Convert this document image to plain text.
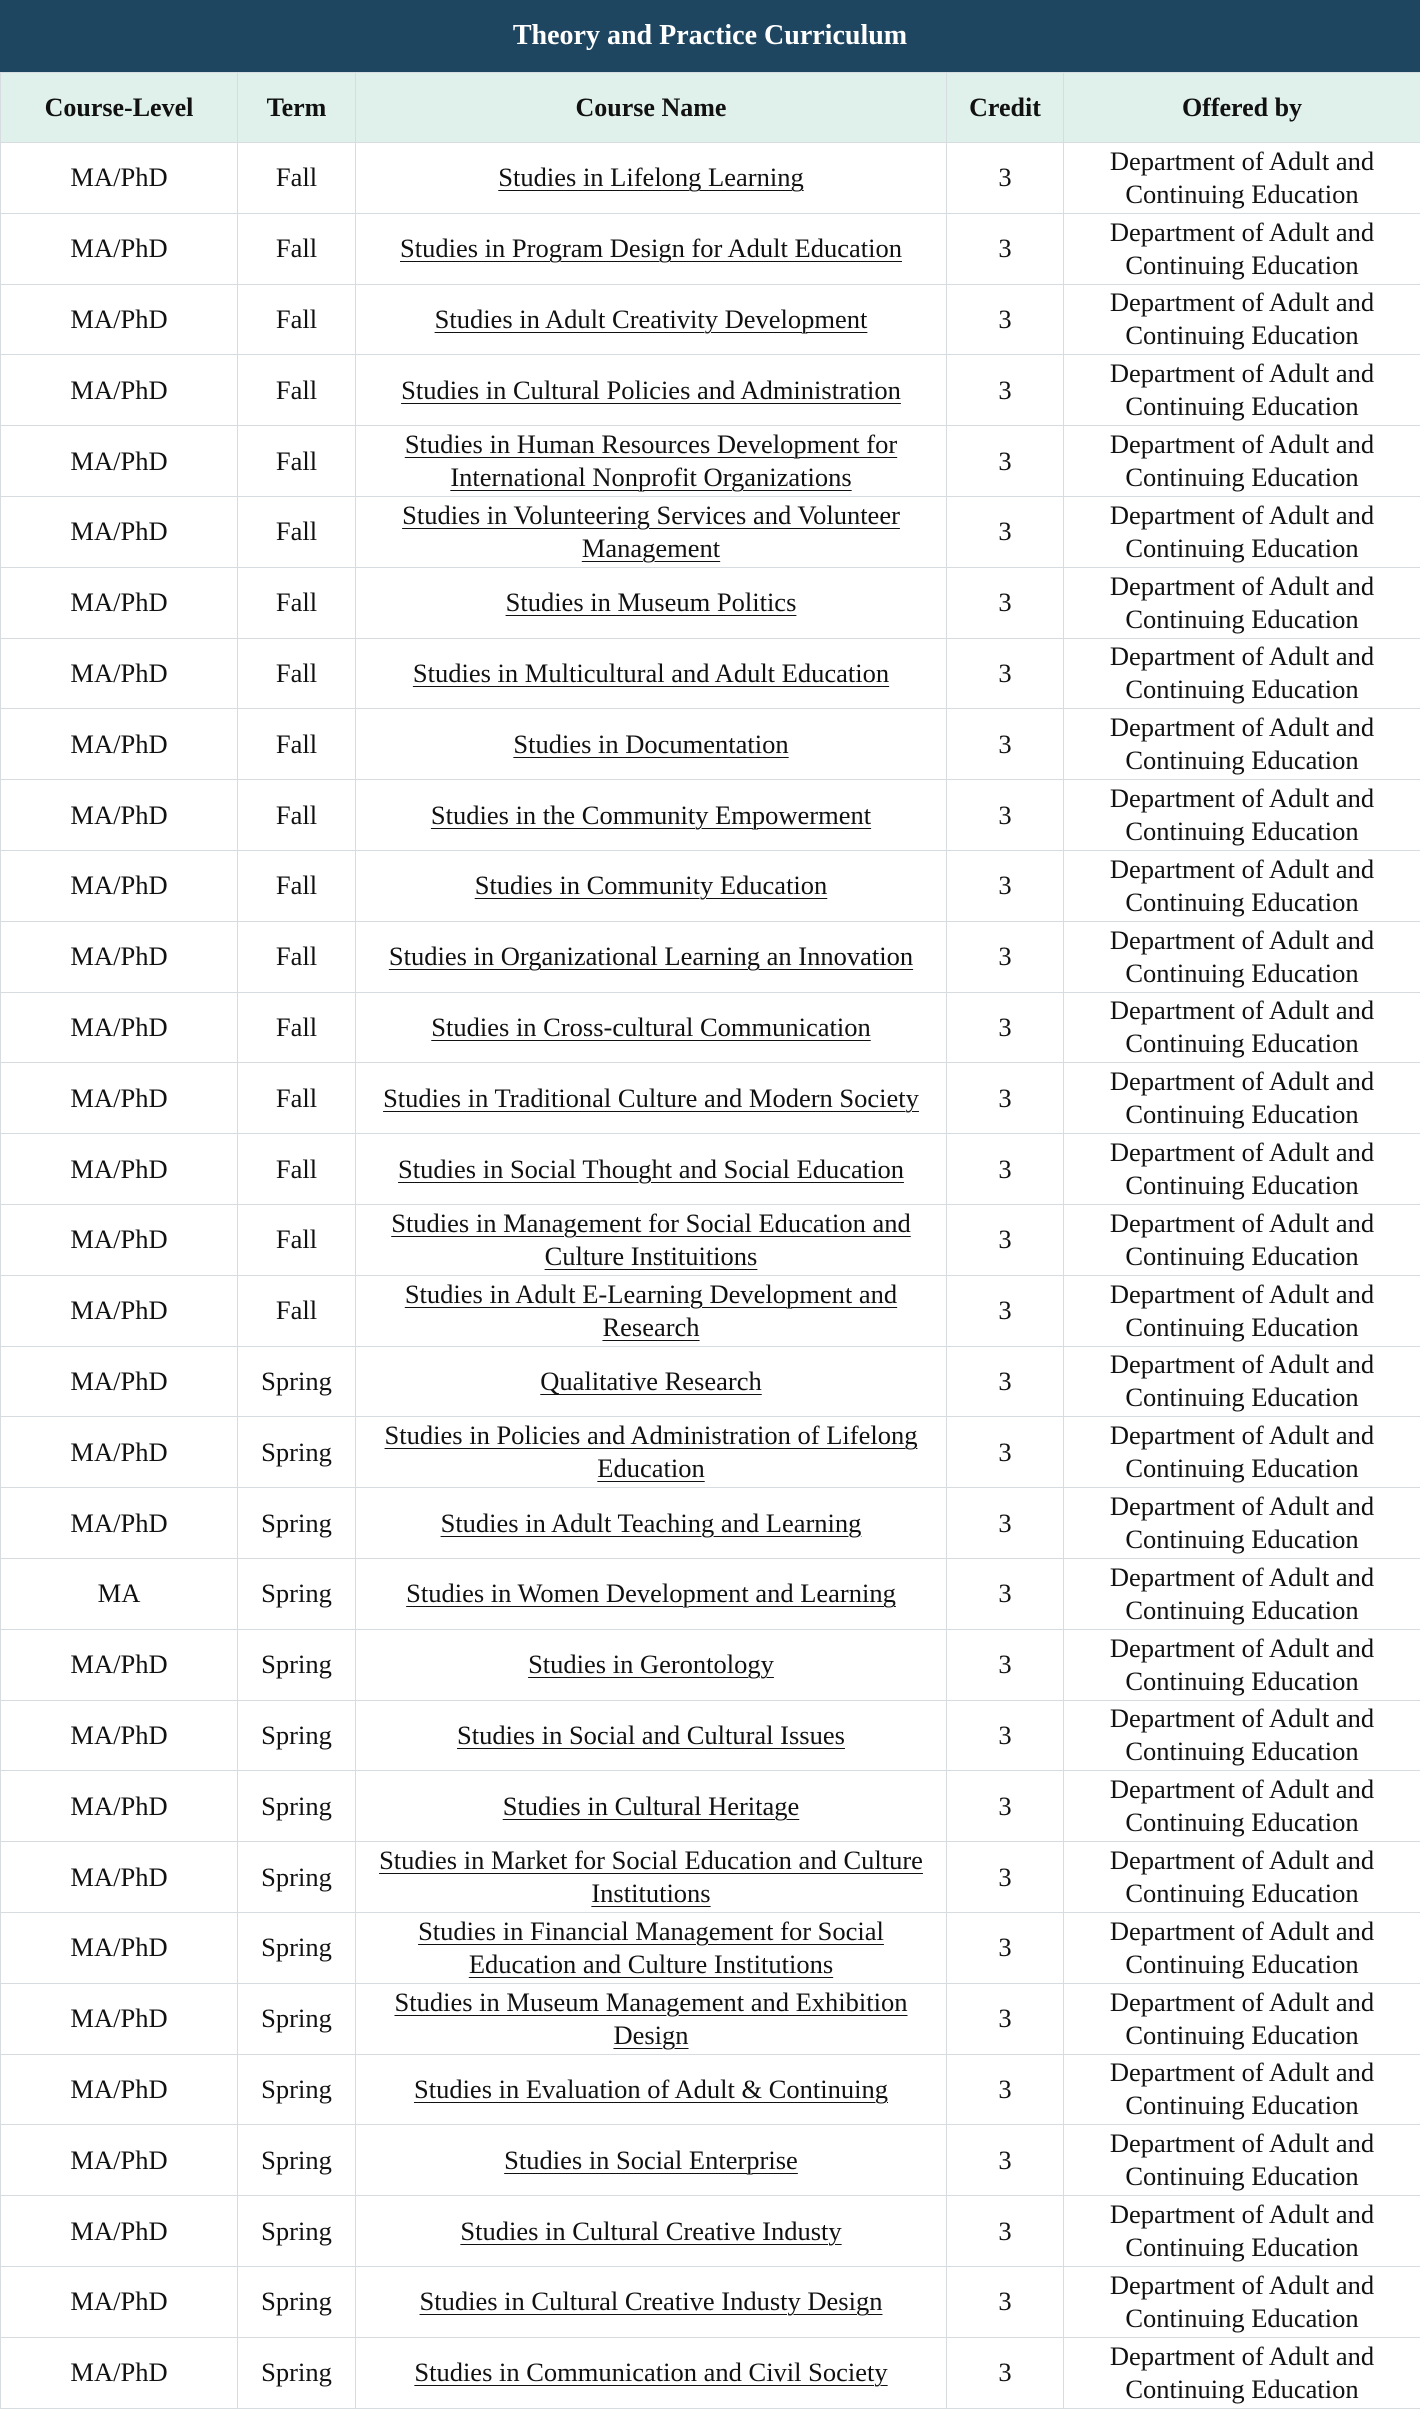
Theory and Practice Curriculum
Course-Level	Term	Course Name	Credit	Offered by
MA/PhD	Fall	Studies in Lifelong Learning	3	Department of Adult and Continuing Education
MA/PhD	Fall	Studies in Program Design for Adult Education	3	Department of Adult and Continuing Education
MA/PhD	Fall	Studies in Adult Creativity Development	3	Department of Adult and Continuing Education
MA/PhD	Fall	Studies in Cultural Policies and Administration	3	Department of Adult and Continuing Education
MA/PhD	Fall	Studies in Human Resources Development for International Nonprofit Organizations	3	Department of Adult and Continuing Education
MA/PhD	Fall	Studies in Volunteering Services and Volunteer Management	3	Department of Adult and Continuing Education
MA/PhD	Fall	Studies in Museum Politics	3	Department of Adult and Continuing Education
MA/PhD	Fall	Studies in Multicultural and Adult Education	3	Department of Adult and Continuing Education
MA/PhD	Fall	Studies in Documentation	3	Department of Adult and Continuing Education
MA/PhD	Fall	Studies in the Community Empowerment	3	Department of Adult and Continuing Education
MA/PhD	Fall	Studies in Community Education	3	Department of Adult and Continuing Education
MA/PhD	Fall	Studies in Organizational Learning an Innovation	3	Department of Adult and Continuing Education
MA/PhD	Fall	Studies in Cross-cultural Communication	3	Department of Adult and Continuing Education
MA/PhD	Fall	Studies in Traditional Culture and Modern Society	3	Department of Adult and Continuing Education
MA/PhD	Fall	Studies in Social Thought and Social Education	3	Department of Adult and Continuing Education
MA/PhD	Fall	Studies in Management for Social Education and Culture Instituitions	3	Department of Adult and Continuing Education
MA/PhD	Fall	Studies in Adult E-Learning Development and Research	3	Department of Adult and Continuing Education
MA/PhD	Spring	Qualitative Research	3	Department of Adult and Continuing Education
MA/PhD	Spring	Studies in Policies and Administration of Lifelong Education	3	Department of Adult and Continuing Education
MA/PhD	Spring	Studies in Adult Teaching and Learning	3	Department of Adult and Continuing Education
MA	Spring	Studies in Women Development and Learning	3	Department of Adult and Continuing Education
MA/PhD	Spring	Studies in Gerontology	3	Department of Adult and Continuing Education
MA/PhD	Spring	Studies in Social and Cultural Issues	3	Department of Adult and Continuing Education
MA/PhD	Spring	Studies in Cultural Heritage	3	Department of Adult and Continuing Education
MA/PhD	Spring	Studies in Market for Social Education and Culture Institutions	3	Department of Adult and Continuing Education
MA/PhD	Spring	Studies in Financial Management for Social Education and Culture Institutions	3	Department of Adult and Continuing Education
MA/PhD	Spring	Studies in Museum Management and Exhibition Design	3	Department of Adult and Continuing Education
MA/PhD	Spring	Studies in Evaluation of Adult & Continuing	3	Department of Adult and Continuing Education
MA/PhD	Spring	Studies in Social Enterprise	3	Department of Adult and Continuing Education
MA/PhD	Spring	Studies in Cultural Creative Industy	3	Department of Adult and Continuing Education
MA/PhD	Spring	Studies in Cultural Creative Industy Design	3	Department of Adult and Continuing Education
MA/PhD	Spring	Studies in Communication and Civil Society	3	Department of Adult and Continuing Education
